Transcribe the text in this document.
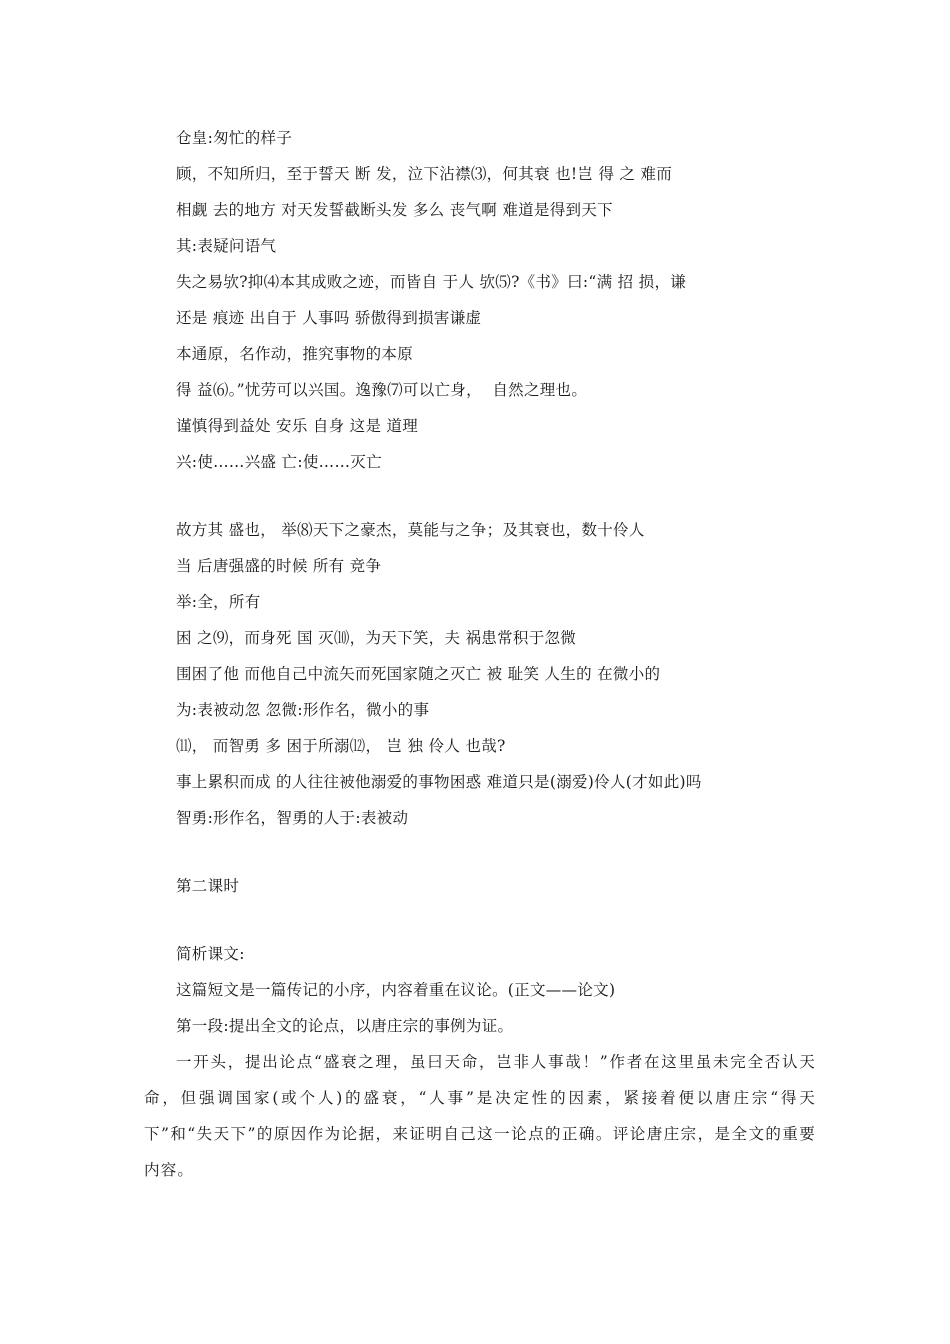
仓皇:匆忙的样子
顾，不知所归，至于誓天 断 发，泣下沾襟⑶，何其衰 也!岂 得 之 难而
相觑 去的地方 对天发誓截断头发 多么 丧气啊 难道是得到天下
其:表疑问语气
失之易欤?抑⑷本其成败之迹，而皆自 于人 欤⑸?《书》曰:“满 招 损，谦
还是 痕迹 出自于 人事吗 骄傲得到损害谦虚
本通原，名作动，推究事物的本原
得 益⑹。”忧劳可以兴国。逸豫⑺可以亡身，  自然之理也。
谨慎得到益处 安乐 自身 这是 道理
兴:使……兴盛 亡:使……灭亡
故方其 盛也， 举⑻天下之豪杰，莫能与之争；及其衰也，数十伶人
当 后唐强盛的时候 所有 竞争
举:全，所有
困 之⑼，而身死 国 灭⑽，为天下笑，夫 祸患常积于忽微
围困了他 而他自己中流矢而死国家随之灭亡 被 耻笑 人生的 在微小的
为:表被动忽 忽微:形作名，微小的事
⑾， 而智勇 多 困于所溺⑿， 岂 独 伶人 也哉?
事上累积而成 的人往往被他溺爱的事物困惑 难道只是(溺爱)伶人(才如此)吗
智勇:形作名，智勇的人于:表被动
第二课时
简析课文:
这篇短文是一篇传记的小序，内容着重在议论。(正文——论文)
第一段:提出全文的论点，以唐庄宗的事例为证。
一开头，提出论点“盛衰之理，虽曰天命，岂非人事哉！”作者在这里虽未完全否认天命，但强调国家(或个人)的盛衰，“人事”是决定性的因素，紧接着便以唐庄宗“得天下”和“失天下”的原因作为论据，来证明自己这一论点的正确。评论唐庄宗，是全文的重要内容。
